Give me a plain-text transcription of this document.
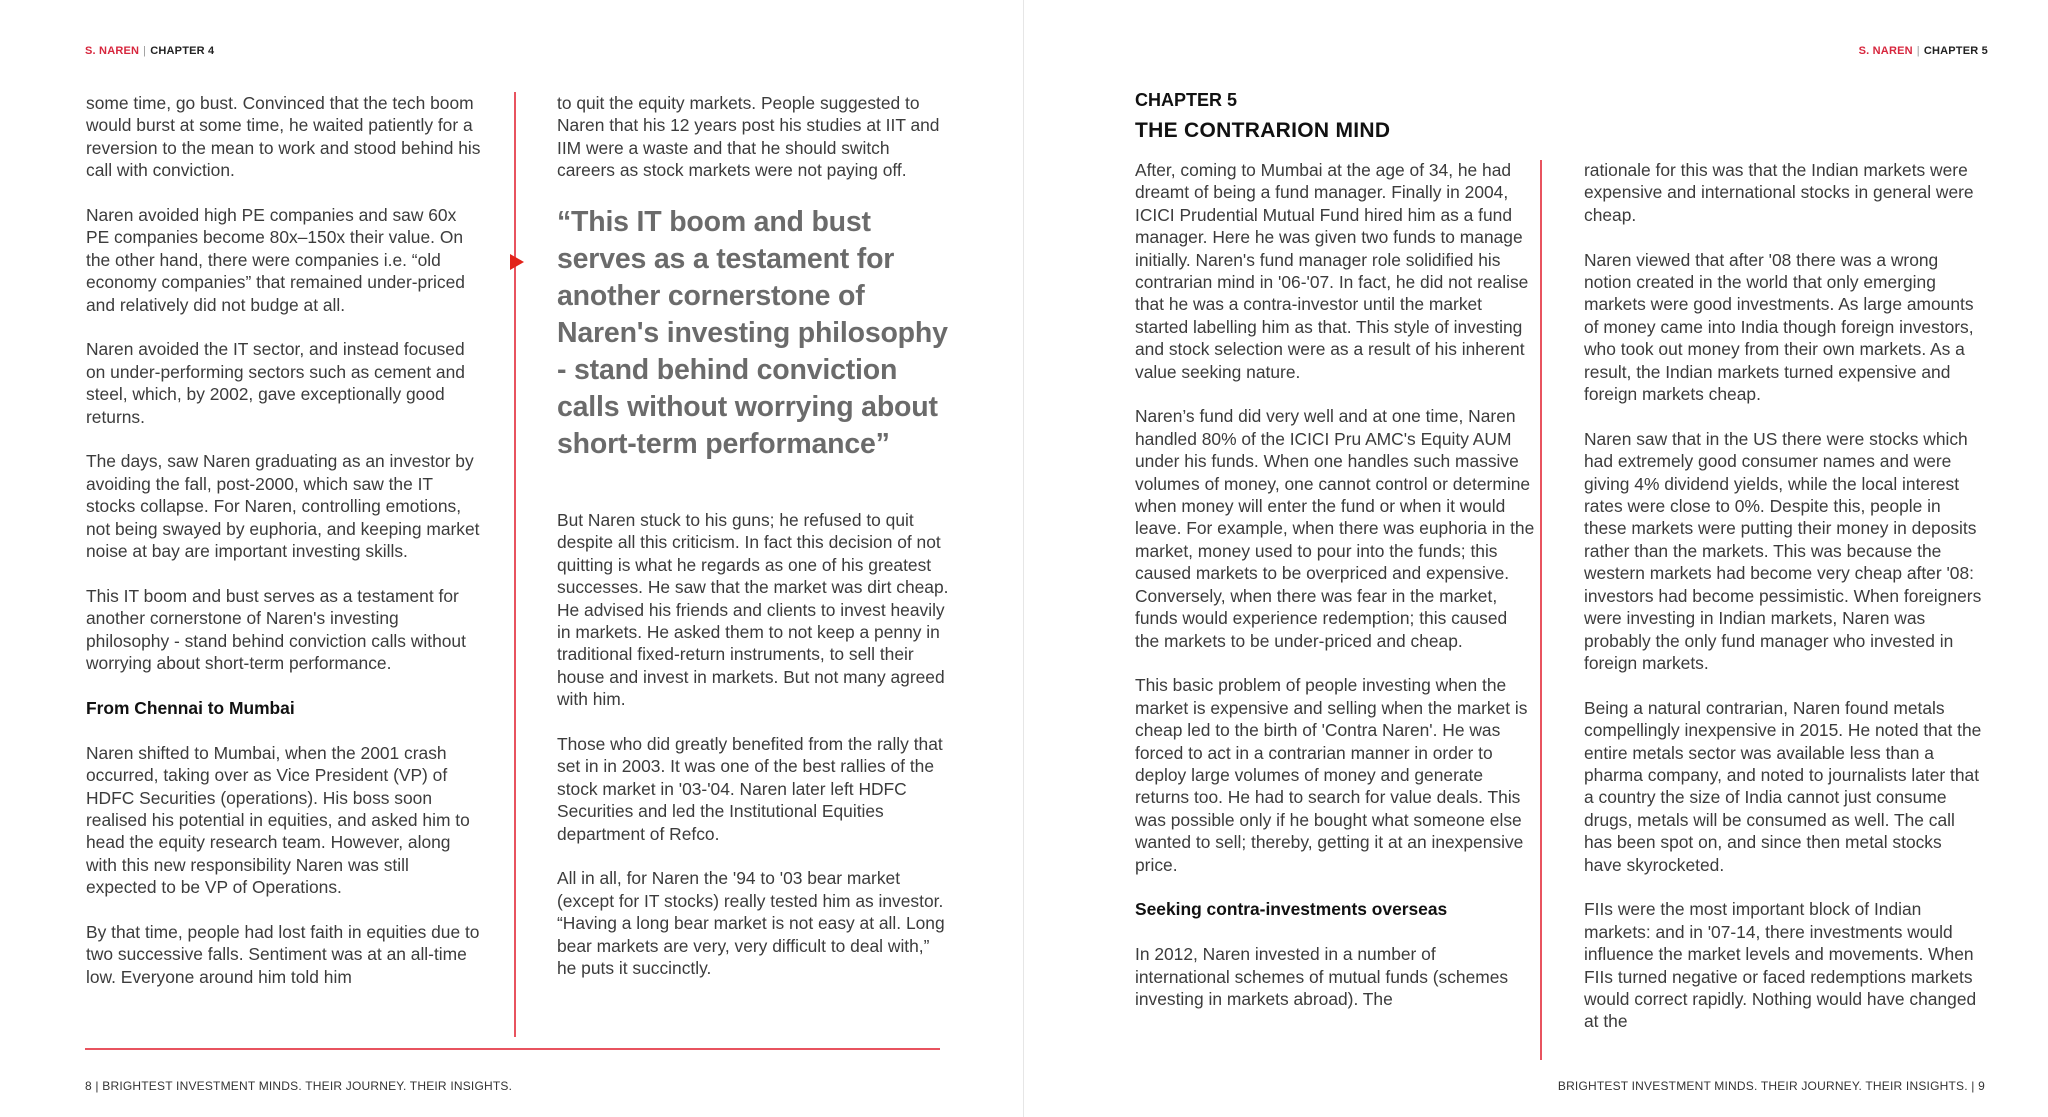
S. NAREN | CHAPTER 4

some time, go bust. Convinced that the tech boom would burst at some time, he waited patiently for a reversion to the mean to work and stood behind his call with conviction.

Naren avoided high PE companies and saw 60x PE companies become 80x–150x their value. On the other hand, there were companies i.e. “old economy companies” that remained under-priced and relatively did not budge at all.

Naren avoided the IT sector, and instead focused on under-performing sectors such as cement and steel, which, by 2002, gave exceptionally good returns.

The days, saw Naren graduating as an investor by avoiding the fall, post-2000, which saw the IT stocks collapse. For Naren, controlling emotions, not being swayed by euphoria, and keeping market noise at bay are important investing skills.

This IT boom and bust serves as a testament for another cornerstone of Naren's investing philosophy - stand behind conviction calls without worrying about short-term performance.

From Chennai to Mumbai

Naren shifted to Mumbai, when the 2001 crash occurred, taking over as Vice President (VP) of HDFC Securities (operations). His boss soon realised his potential in equities, and asked him to head the equity research team. However, along with this new responsibility Naren was still expected to be VP of Operations.

By that time, people had lost faith in equities due to two successive falls. Sentiment was at an all-time low. Everyone around him told him

to quit the equity markets. People suggested to Naren that his 12 years post his studies at IIT and IIM were a waste and that he should switch careers as stock markets were not paying off.

“This IT boom and bust serves as a testament for another cornerstone of Naren's investing philosophy - stand behind conviction calls without worrying about short-term performance”

But Naren stuck to his guns; he refused to quit despite all this criticism. In fact this decision of not quitting is what he regards as one of his greatest successes. He saw that the market was dirt cheap. He advised his friends and clients to invest heavily in markets. He asked them to not keep a penny in traditional fixed-return instruments, to sell their house and invest in markets. But not many agreed with him.

Those who did greatly benefited from the rally that set in in 2003. It was one of the best rallies of the stock market in '03-'04. Naren later left HDFC Securities and led the Institutional Equities department of Refco.

All in all, for Naren the '94 to '03 bear market (except for IT stocks) really tested him as investor. “Having a long bear market is not easy at all. Long bear markets are very, very difficult to deal with,” he puts it succinctly.

8 | BRIGHTEST INVESTMENT MINDS. THEIR JOURNEY. THEIR INSIGHTS.
S. NAREN | CHAPTER 5
CHAPTER 5
THE CONTRARION MIND

After, coming to Mumbai at the age of 34, he had dreamt of being a fund manager. Finally in 2004, ICICI Prudential Mutual Fund hired him as a fund manager. Here he was given two funds to manage initially. Naren's fund manager role solidified his contrarian mind in '06-'07. In fact, he did not realise that he was a contra-investor until the market started labelling him as that. This style of investing and stock selection were as a result of his inherent value seeking nature.

Naren’s fund did very well and at one time, Naren handled 80% of the ICICI Pru AMC's Equity AUM under his funds. When one handles such massive volumes of money, one cannot control or determine when money will enter the fund or when it would leave. For example, when there was euphoria in the market, money used to pour into the funds; this caused markets to be overpriced and expensive. Conversely, when there was fear in the market, funds would experience redemption; this caused the markets to be under-priced and cheap.

This basic problem of people investing when the market is expensive and selling when the market is cheap led to the birth of 'Contra Naren'. He was forced to act in a contrarian manner in order to deploy large volumes of money and generate returns too. He had to search for value deals. This was possible only if he bought what someone else wanted to sell; thereby, getting it at an inexpensive price.

Seeking contra-investments overseas

In 2012, Naren invested in a number of international schemes of mutual funds (schemes investing in markets abroad). The

rationale for this was that the Indian markets were expensive and international stocks in general were cheap.

Naren viewed that after '08 there was a wrong notion created in the world that only emerging markets were good investments. As large amounts of money came into India though foreign investors, who took out money from their own markets. As a result, the Indian markets turned expensive and foreign markets cheap.

Naren saw that in the US there were stocks which had extremely good consumer names and were giving 4% dividend yields, while the local interest rates were close to 0%. Despite this, people in these markets were putting their money in deposits rather than the markets. This was because the western markets had become very cheap after '08: investors had become pessimistic. When foreigners were investing in Indian markets, Naren was probably the only fund manager who invested in foreign markets.

Being a natural contrarian, Naren found metals compellingly inexpensive in 2015. He noted that the entire metals sector was available less than a pharma company, and noted to journalists later that a country the size of India cannot just consume drugs, metals will be consumed as well. The call has been spot on, and since then metal stocks have skyrocketed.

FIIs were the most important block of Indian markets: and in '07-14, there investments would influence the market levels and movements. When FIIs turned negative or faced redemptions markets would correct rapidly. Nothing would have changed at the

BRIGHTEST INVESTMENT MINDS. THEIR JOURNEY. THEIR INSIGHTS. | 9
